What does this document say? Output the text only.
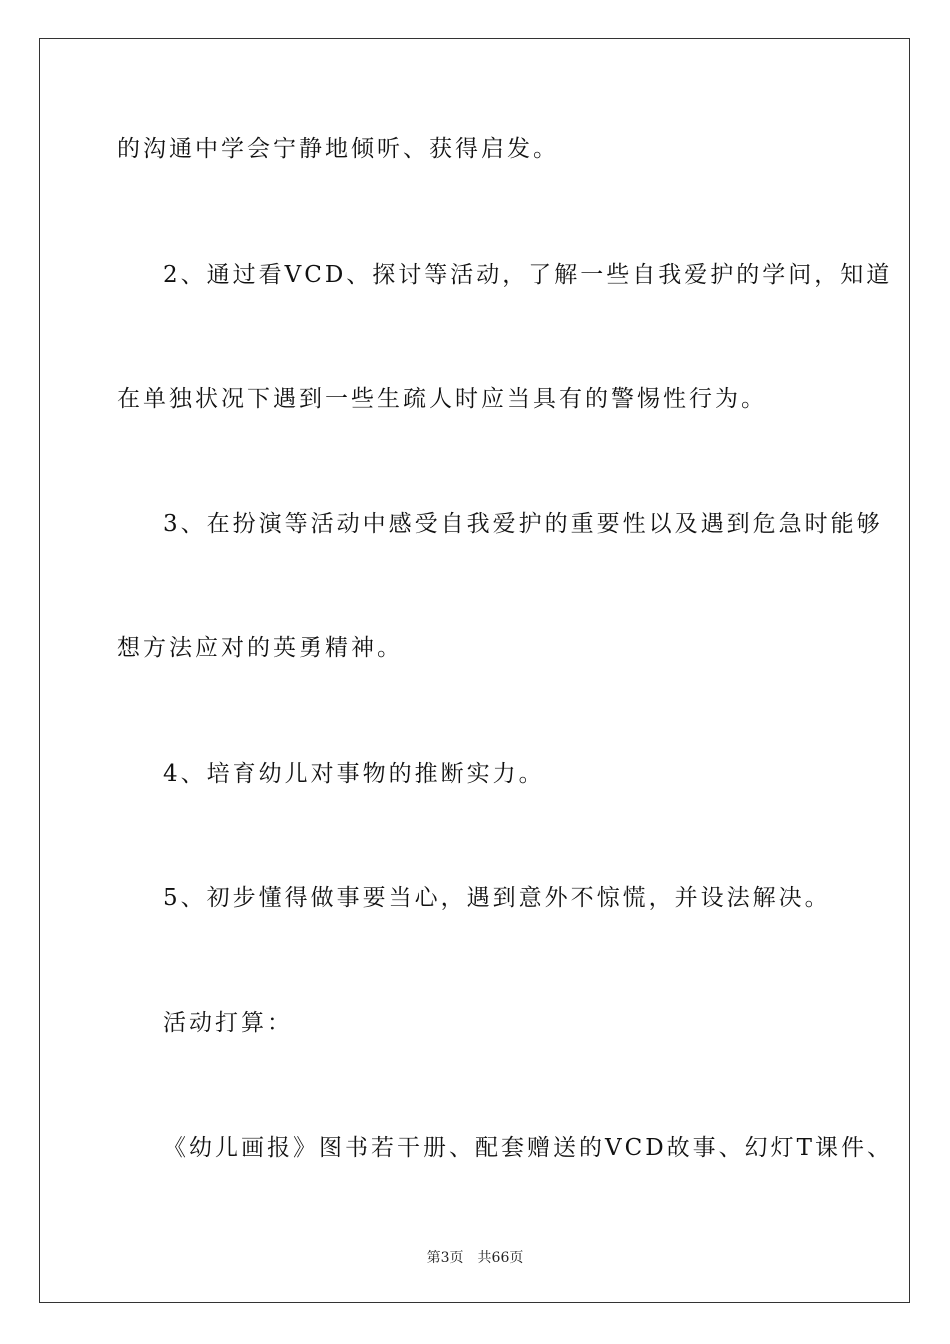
的沟通中学会宁静地倾听、获得启发。
2、通过看VCD、探讨等活动，了解一些自我爱护的学问，知道
在单独状况下遇到一些生疏人时应当具有的警惕性行为。
3、在扮演等活动中感受自我爱护的重要性以及遇到危急时能够
想方法应对的英勇精神。
4、培育幼儿对事物的推断实力。
5、初步懂得做事要当心，遇到意外不惊慌，并设法解决。
活动打算：
《幼儿画报》图书若干册、配套赠送的VCD故事、幻灯T课件、
第3页 共66页
